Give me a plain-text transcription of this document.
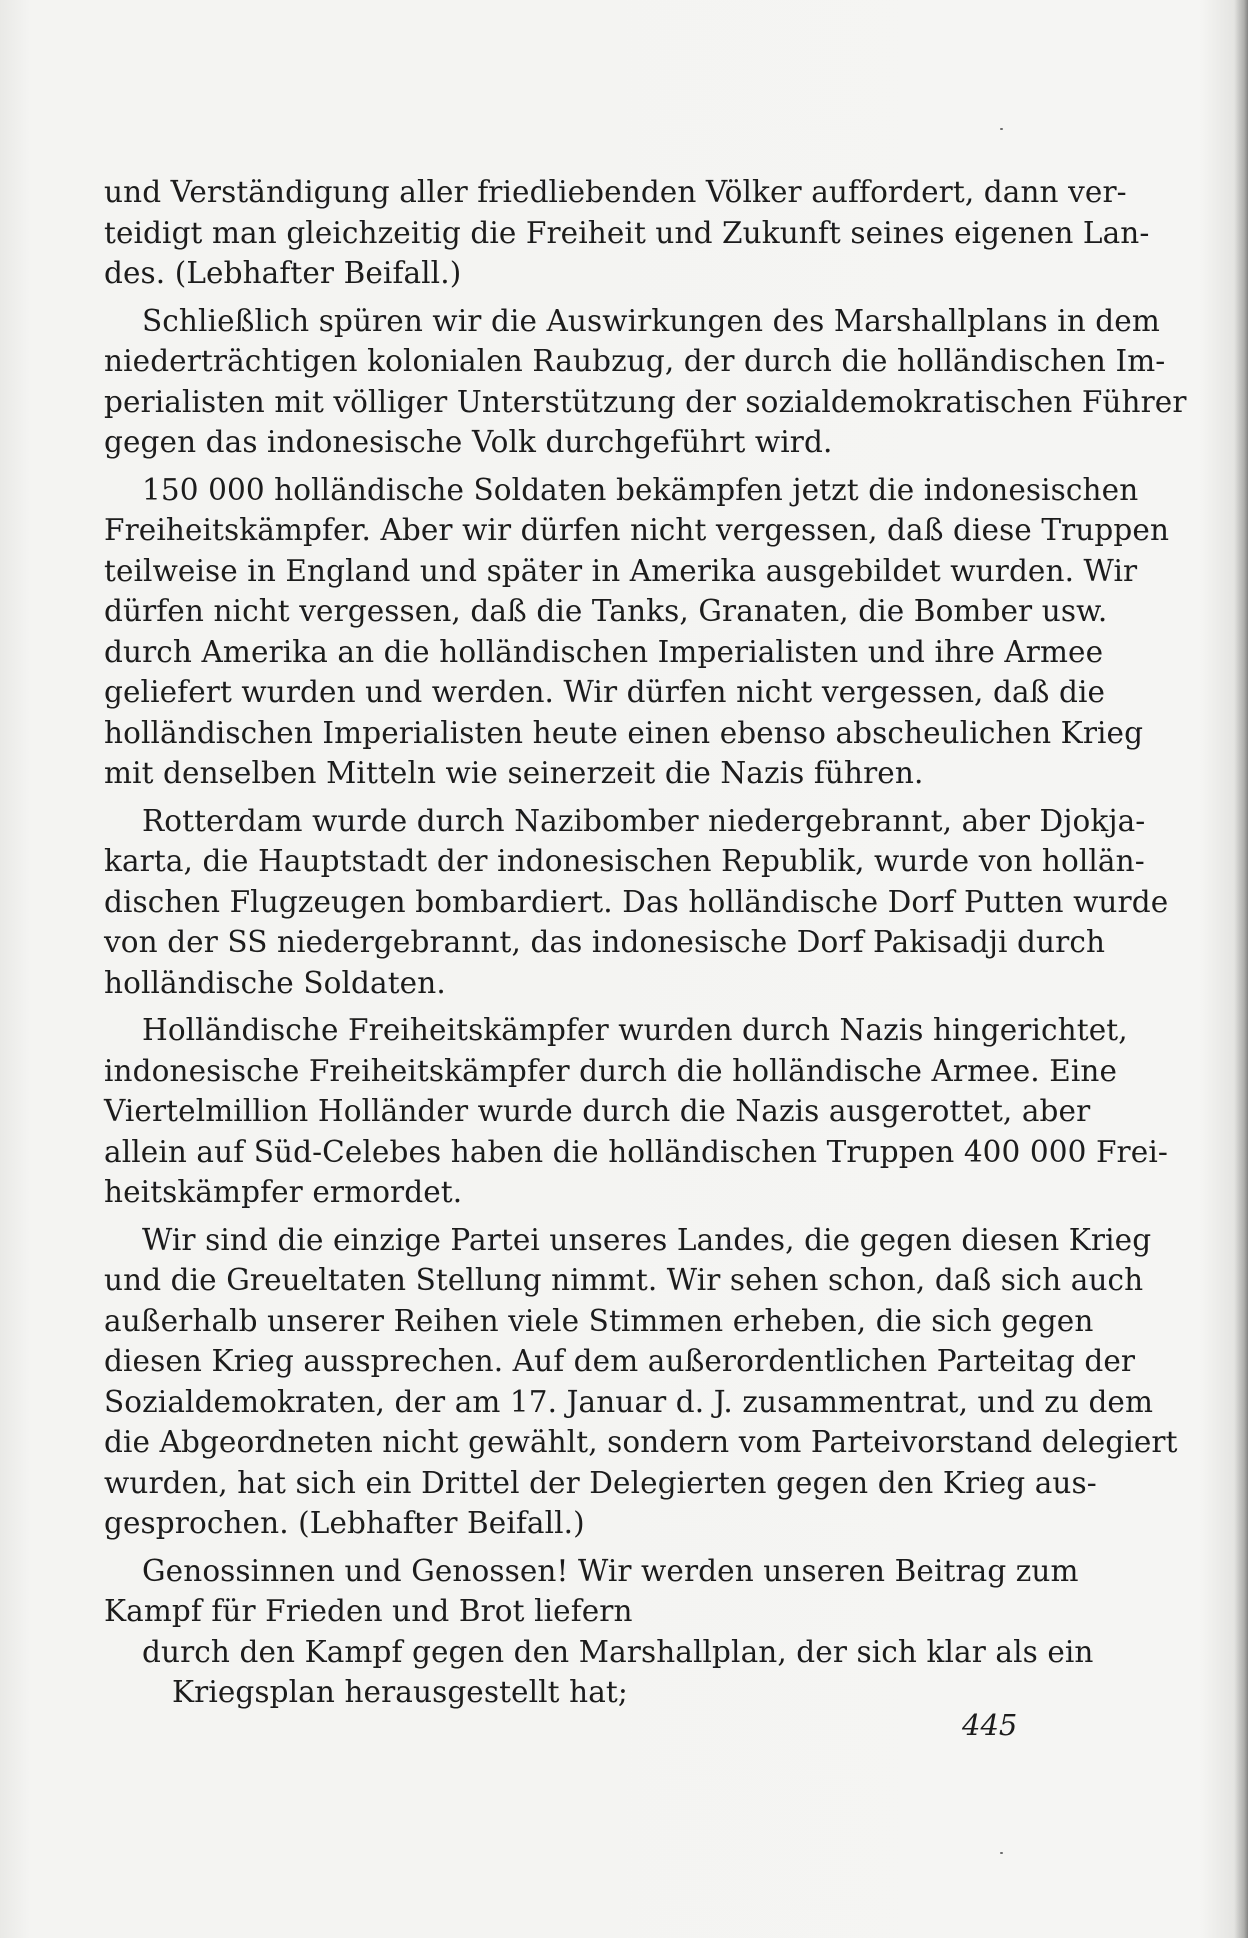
und Verständigung aller friedliebenden Völker auffordert, dann ver-
teidigt man gleichzeitig die Freiheit und Zukunft seines eigenen Lan-
des. (Lebhafter Beifall.)
Schließlich spüren wir die Auswirkungen des Marshallplans in dem
niederträchtigen kolonialen Raubzug, der durch die holländischen Im-
perialisten mit völliger Unterstützung der sozialdemokratischen Führer
gegen das indonesische Volk durchgeführt wird.
150 000 holländische Soldaten bekämpfen jetzt die indonesischen
Freiheitskämpfer. Aber wir dürfen nicht vergessen, daß diese Truppen
teilweise in England und später in Amerika ausgebildet wurden. Wir
dürfen nicht vergessen, daß die Tanks, Granaten, die Bomber usw.
durch Amerika an die holländischen Imperialisten und ihre Armee
geliefert wurden und werden. Wir dürfen nicht vergessen, daß die
holländischen Imperialisten heute einen ebenso abscheulichen Krieg
mit denselben Mitteln wie seinerzeit die Nazis führen.
Rotterdam wurde durch Nazibomber niedergebrannt, aber Djokja-
karta, die Hauptstadt der indonesischen Republik, wurde von hollän-
dischen Flugzeugen bombardiert. Das holländische Dorf Putten wurde
von der SS niedergebrannt, das indonesische Dorf Pakisadji durch
holländische Soldaten.
Holländische Freiheitskämpfer wurden durch Nazis hingerichtet,
indonesische Freiheitskämpfer durch die holländische Armee. Eine
Viertelmillion Holländer wurde durch die Nazis ausgerottet, aber
allein auf Süd-Celebes haben die holländischen Truppen 400 000 Frei-
heitskämpfer ermordet.
Wir sind die einzige Partei unseres Landes, die gegen diesen Krieg
und die Greueltaten Stellung nimmt. Wir sehen schon, daß sich auch
außerhalb unserer Reihen viele Stimmen erheben, die sich gegen
diesen Krieg aussprechen. Auf dem außerordentlichen Parteitag der
Sozialdemokraten, der am 17. Januar d. J. zusammentrat, und zu dem
die Abgeordneten nicht gewählt, sondern vom Parteivorstand delegiert
wurden, hat sich ein Drittel der Delegierten gegen den Krieg aus-
gesprochen. (Lebhafter Beifall.)
Genossinnen und Genossen! Wir werden unseren Beitrag zum
Kampf für Frieden und Brot liefern
durch den Kampf gegen den Marshallplan, der sich klar als ein
Kriegsplan herausgestellt hat;
445
